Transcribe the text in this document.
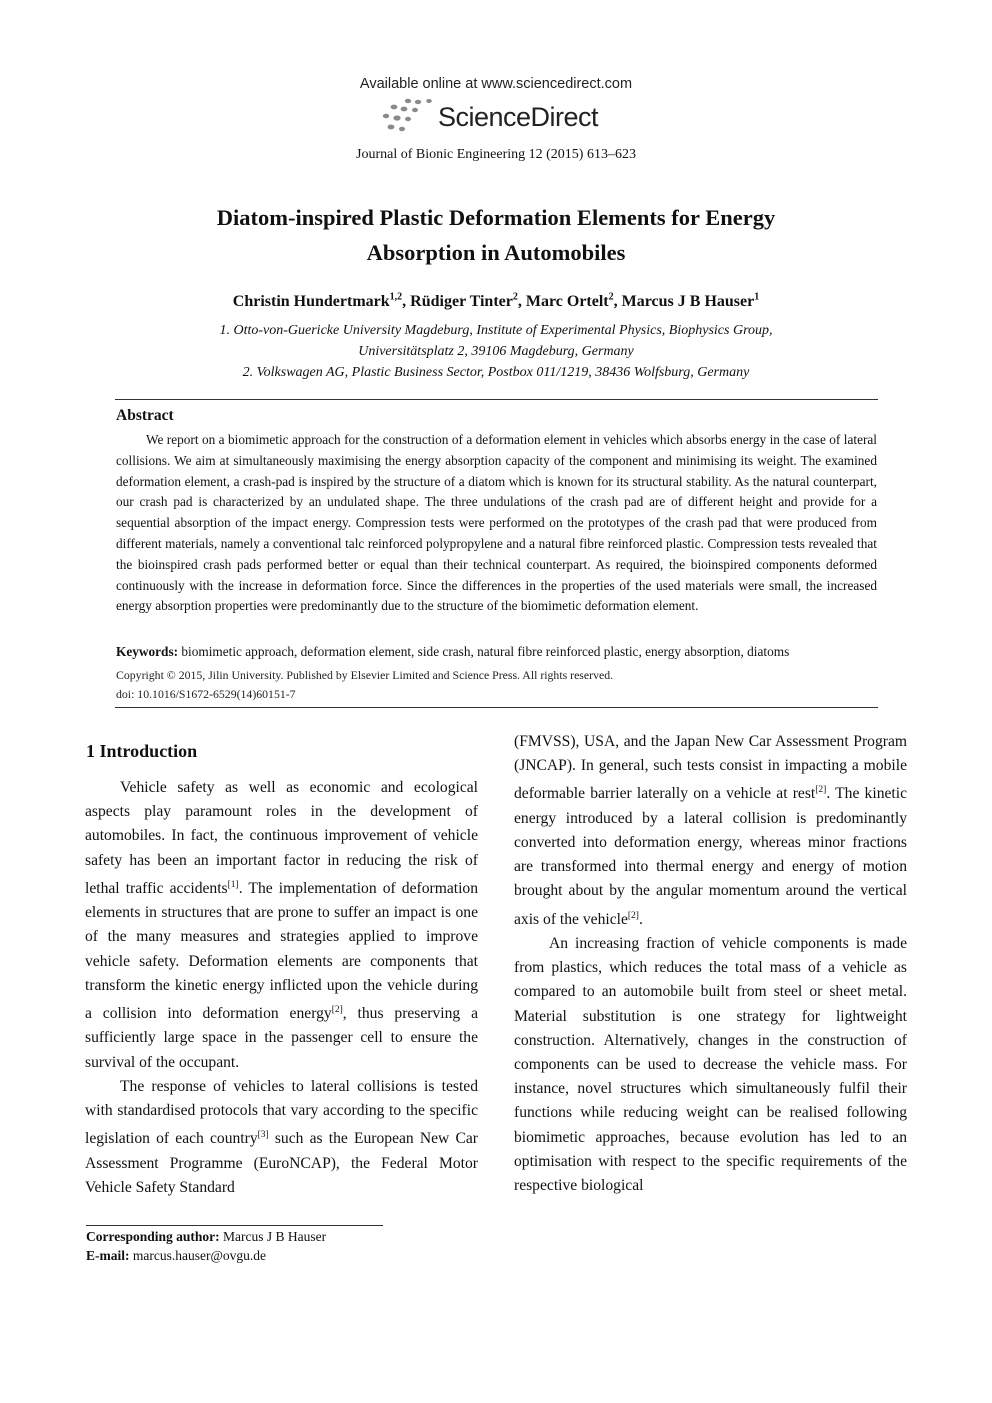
Available online at www.sciencedirect.com
ScienceDirect
Journal of Bionic Engineering 12 (2015) 613–623
Diatom-inspired Plastic Deformation Elements for Energy
Absorption in Automobiles
Christin Hundertmark$^{1,2}$, Rüdiger Tinter$^2$, Marc Ortelt$^2$, Marcus J B Hauser$^1$
1. Otto-von-Guericke University Magdeburg, Institute of Experimental Physics, Biophysics Group,
Universitätsplatz 2, 39106 Magdeburg, Germany
2. Volkswagen AG, Plastic Business Sector, Postbox 011/1219, 38436 Wolfsburg, Germany
Abstract

We report on a biomimetic approach for the construction of a deformation element in vehicles which absorbs energy in the case of lateral collisions. We aim at simultaneously maximising the energy absorption capacity of the component and minimising its weight. The examined deformation element, a crash-pad is inspired by the structure of a diatom which is known for its structural stability. As the natural counterpart, our crash pad is characterized by an undulated shape. The three undulations of the crash pad are of different height and provide for a sequential absorption of the impact energy. Compression tests were performed on the prototypes of the crash pad that were produced from different materials, namely a conventional talc reinforced polypropylene and a natural fibre reinforced plastic. Compression tests revealed that the bioinspired crash pads performed better or equal than their technical counterpart. As required, the bioinspired components deformed continuously with the increase in deformation force. Since the differences in the properties of the used materials were small, the increased energy absorption properties were predominantly due to the structure of the biomimetic deformation element.

Keywords: biomimetic approach, deformation element, side crash, natural fibre reinforced plastic, energy absorption, diatoms
Copyright © 2015, Jilin University. Published by Elsevier Limited and Science Press. All rights reserved.
doi: 10.1016/S1672-6529(14)60151-7
1 Introduction

Vehicle safety as well as economic and ecological aspects play paramount roles in the development of automobiles. In fact, the continuous improvement of vehicle safety has been an important factor in reducing the risk of lethal traffic accidents[1]. The implementation of deformation elements in structures that are prone to suffer an impact is one of the many measures and strategies applied to improve vehicle safety. Deformation elements are components that transform the kinetic energy inflicted upon the vehicle during a collision into deformation energy[2], thus preserving a sufficiently large space in the passenger cell to ensure the survival of the occupant.

The response of vehicles to lateral collisions is tested with standardised protocols that vary according to the specific legislation of each country[3] such as the European New Car Assessment Programme (EuroNCAP), the Federal Motor Vehicle Safety Standard

(FMVSS), USA, and the Japan New Car Assessment Program (JNCAP). In general, such tests consist in impacting a mobile deformable barrier laterally on a vehicle at rest[2]. The kinetic energy introduced by a lateral collision is predominantly converted into deformation energy, whereas minor fractions are transformed into thermal energy and energy of motion brought about by the angular momentum around the vertical axis of the vehicle[2].

An increasing fraction of vehicle components is made from plastics, which reduces the total mass of a vehicle as compared to an automobile built from steel or sheet metal. Material substitution is one strategy for lightweight construction. Alternatively, changes in the construction of components can be used to decrease the vehicle mass. For instance, novel structures which simultaneously fulfil their functions while reducing weight can be realised following biomimetic approaches, because evolution has led to an optimisation with respect to the specific requirements of the respective biological

Corresponding author: Marcus J B Hauser
E-mail: marcus.hauser@ovgu.de
